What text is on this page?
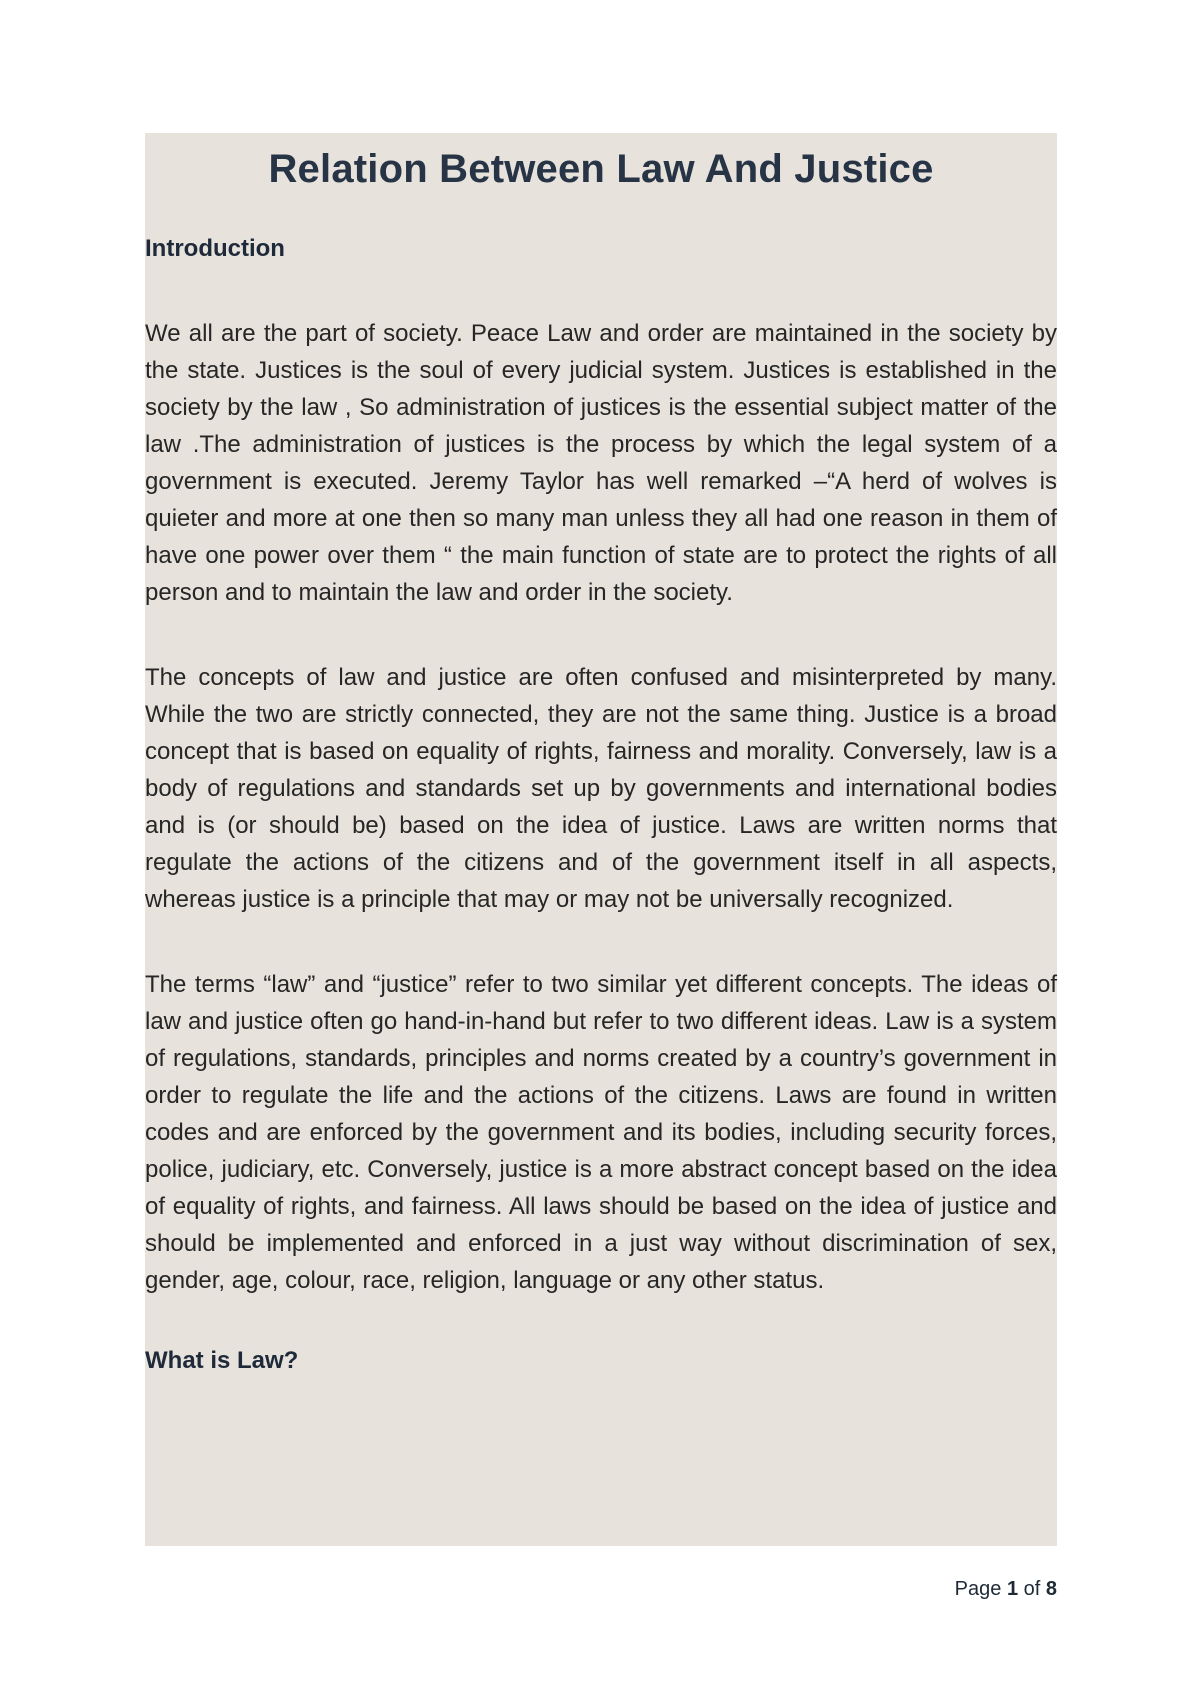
Relation Between Law And Justice
Introduction

We all are the part of society. Peace Law and order are maintained in the society by the state. Justices is the soul of every judicial system. Justices is established in the society by the law , So administration of justices is the essential subject matter of the law .The administration of justices is the process by which the legal system of a government is executed. Jeremy Taylor has well remarked –“A herd of wolves is quieter and more at one then so many man unless they all had one reason in them of have one power over them “ the main function of state are to protect the rights of all person and to maintain the law and order in the society.

The concepts of law and justice are often confused and misinterpreted by many. While the two are strictly connected, they are not the same thing. Justice is a broad concept that is based on equality of rights, fairness and morality. Conversely, law is a body of regulations and standards set up by governments and international bodies and is (or should be) based on the idea of justice. Laws are written norms that regulate the actions of the citizens and of the government itself in all aspects, whereas justice is a principle that may or may not be universally recognized.

The terms “law” and “justice” refer to two similar yet different concepts. The ideas of law and justice often go hand-in-hand but refer to two different ideas. Law is a system of regulations, standards, principles and norms created by a country’s government in order to regulate the life and the actions of the citizens. Laws are found in written codes and are enforced by the government and its bodies, including security forces, police, judiciary, etc. Conversely, justice is a more abstract concept based on the idea of equality of rights, and fairness. All laws should be based on the idea of justice and should be implemented and enforced in a just way without discrimination of sex, gender, age, colour, race, religion, language or any other status.

What is Law?
Page 1 of 8
